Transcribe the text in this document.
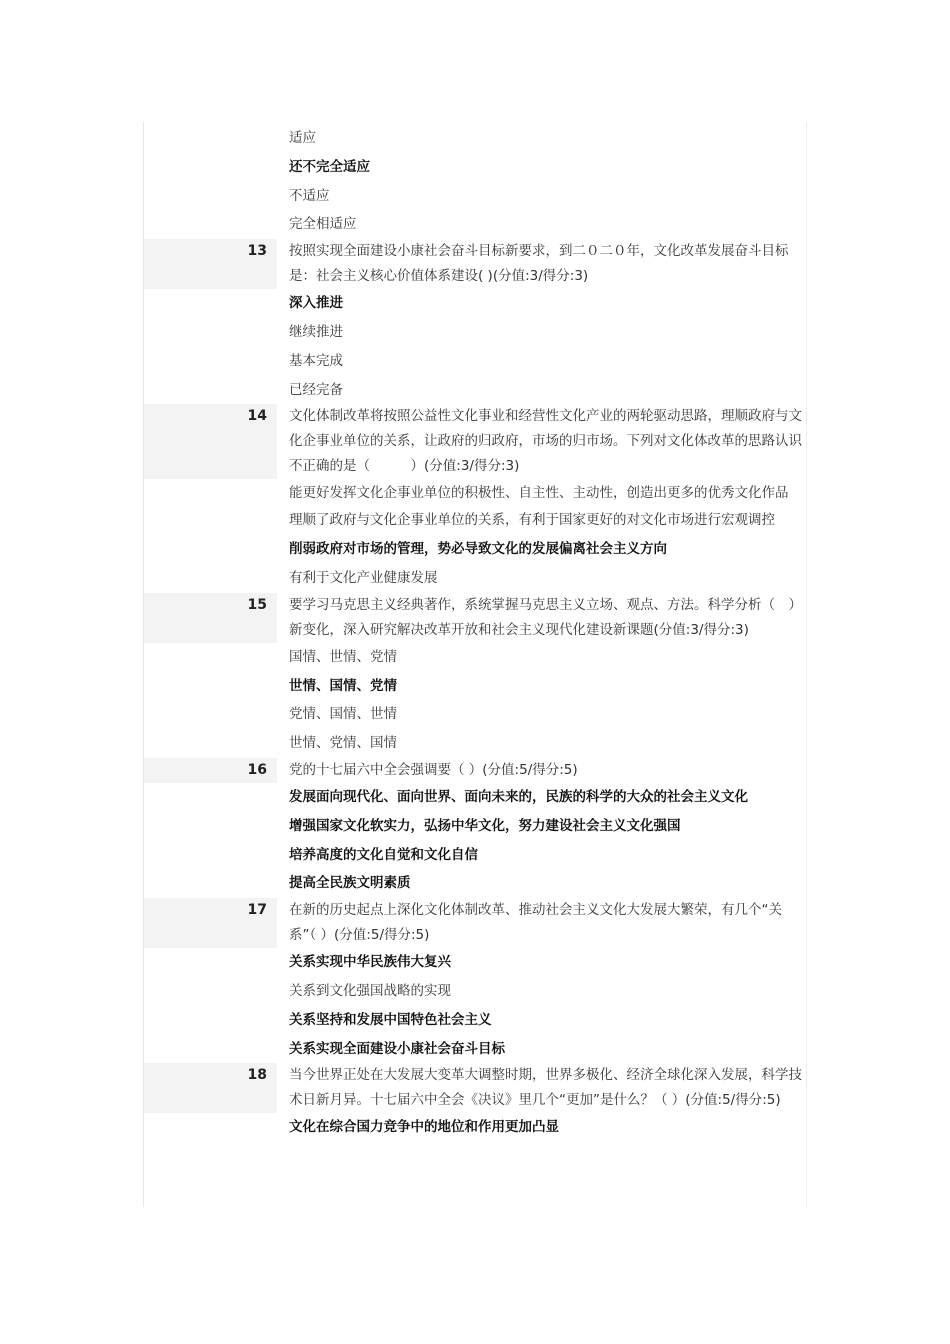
	适应
	还不完全适应
	不适应
	完全相适应
13	按照实现全面建设小康社会奋斗目标新要求，到二０二０年，文化改革发展奋斗目标是：社会主义核心价值体系建设( )(分值:3/得分:3)
	深入推进
	继续推进
	基本完成
	已经完备
14	文化体制改革将按照公益性文化事业和经营性文化产业的两轮驱动思路，理顺政府与文化企事业单位的关系，让政府的归政府，市场的归市场。下列对文化体改革的思路认识不正确的是（　　　）(分值:3/得分:3)
	能更好发挥文化企事业单位的积极性、自主性、主动性，创造出更多的优秀文化作品
	理顺了政府与文化企事业单位的关系，有利于国家更好的对文化市场进行宏观调控
	削弱政府对市场的管理，势必导致文化的发展偏离社会主义方向
	有利于文化产业健康发展
15	要学习马克思主义经典著作，系统掌握马克思主义立场、观点、方法。科学分析（　）新变化，深入研究解决改革开放和社会主义现代化建设新课题(分值:3/得分:3)
	国情、世情、党情
	世情、国情、党情
	党情、国情、世情
	世情、党情、国情
16	党的十七届六中全会强调要（ ）(分值:5/得分:5)
	发展面向现代化、面向世界、面向未来的，民族的科学的大众的社会主义文化
	增强国家文化软实力，弘扬中华文化，努力建设社会主义文化强国
	培养高度的文化自觉和文化自信
	提高全民族文明素质
17	在新的历史起点上深化文化体制改革、推动社会主义文化大发展大繁荣，有几个“关系”（ ）(分值:5/得分:5)
	关系实现中华民族伟大复兴
	关系到文化强国战略的实现
	关系坚持和发展中国特色社会主义
	关系实现全面建设小康社会奋斗目标
18	当今世界正处在大发展大变革大调整时期，世界多极化、经济全球化深入发展，科学技术日新月异。十七届六中全会《决议》里几个“更加”是什么？（ ）(分值:5/得分:5)
	文化在综合国力竞争中的地位和作用更加凸显
